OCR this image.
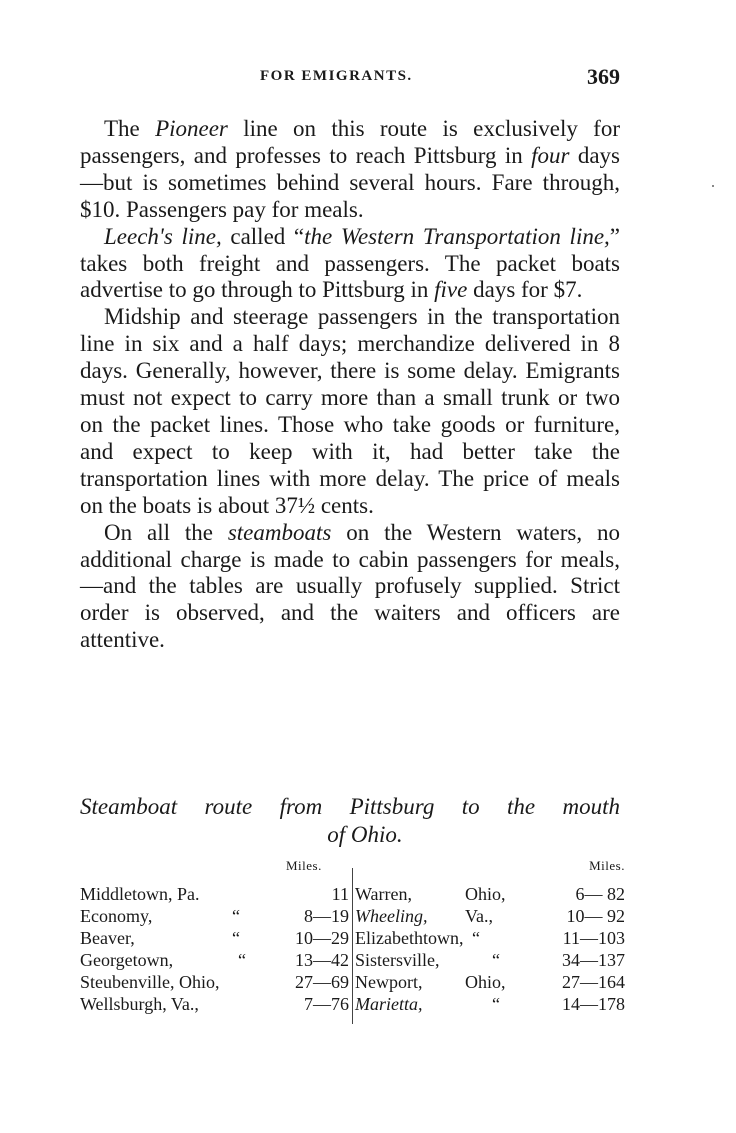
FOR EMIGRANTS.	369

The Pioneer line on this route is exclusively for passengers, and professes to reach Pittsburg in four days—but is sometimes behind several hours. Fare through, $10. Passengers pay for meals.

Leech's line, called “the Western Transportation line,” takes both freight and passengers. The packet boats advertise to go through to Pittsburg in five days for $7.

Midship and steerage passengers in the transportation line in six and a half days; merchandize delivered in 8 days. Generally, however, there is some delay. Emigrants must not expect to carry more than a small trunk or two on the packet lines. Those who take goods or furniture, and expect to keep with it, had better take the transportation lines with more delay. The price of meals on the boats is about 37½ cents.

On all the steamboats on the Western waters, no additional charge is made to cabin passengers for meals,—and the tables are usually profusely supplied. Strict order is observed, and the waiters and officers are attentive.

Steamboat route from Pittsburg to the mouth
of Ohio.
Miles.	Miles.
Middletown, Pa.	11 Warren,	Ohio,	6— 82
Economy,	“	8—19 Wheeling, Va.,	10— 92
Beaver,	“	10—29 Elizabethtown, “	11—103
Georgetown,	“	13—42 Sistersville,	“	34—137
Steubenville, Ohio,	27—69 Newport, Ohio,	27—164
Wellsburgh, Va.,	7—76 Marietta,	“	14—178
